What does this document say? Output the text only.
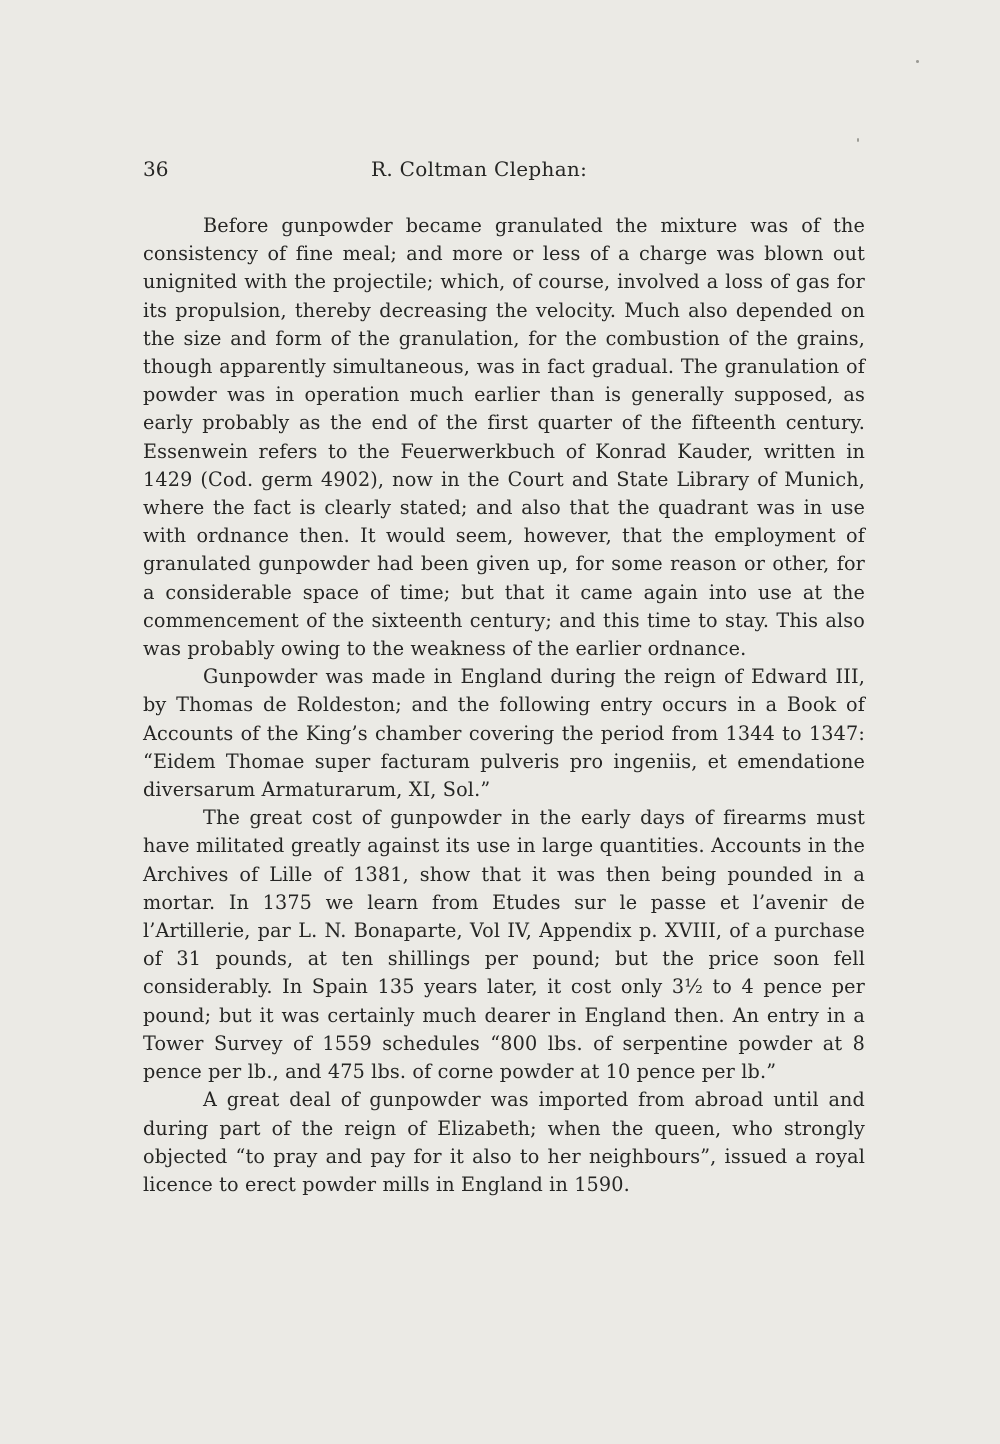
36	R. Coltman Clephan:

Before gunpowder became granulated the mixture was of the consistency of fine meal; and more or less of a charge was blown out unignited with the projectile; which, of course, involved a loss of gas for its propulsion, thereby decreasing the velocity. Much also depended on the size and form of the granulation, for the combustion of the grains, though apparently simultaneous, was in fact gradual. The granulation of powder was in operation much earlier than is generally supposed, as early probably as the end of the first quarter of the fifteenth century. Essenwein refers to the Feuerwerkbuch of Konrad Kauder, written in 1429 (Cod. germ 4902), now in the Court and State Library of Munich, where the fact is clearly stated; and also that the quadrant was in use with ordnance then. It would seem, however, that the employment of granulated gunpowder had been given up, for some reason or other, for a considerable space of time; but that it came again into use at the commencement of the sixteenth century; and this time to stay. This also was probably owing to the weakness of the earlier ordnance.

Gunpowder was made in England during the reign of Edward III, by Thomas de Roldeston; and the following entry occurs in a Book of Accounts of the King’s chamber covering the period from 1344 to 1347: “Eidem Thomae super facturam pulveris pro ingeniis, et emendatione diversarum Armaturarum, XI, Sol.”

The great cost of gunpowder in the early days of firearms must have militated greatly against its use in large quantities. Accounts in the Archives of Lille of 1381, show that it was then being pounded in a mortar. In 1375 we learn from Etudes sur le passe et l’avenir de l’Artillerie, par L. N. Bonaparte, Vol IV, Appendix p. XVIII, of a purchase of 31 pounds, at ten shillings per pound; but the price soon fell considerably. In Spain 135 years later, it cost only 3½ to 4 pence per pound; but it was certainly much dearer in England then. An entry in a Tower Survey of 1559 schedules “800 lbs. of serpentine powder at 8 pence per lb., and 475 lbs. of corne powder at 10 pence per lb.”

A great deal of gunpowder was imported from abroad until and during part of the reign of Elizabeth; when the queen, who strongly objected “to pray and pay for it also to her neighbours”, issued a royal licence to erect powder mills in England in 1590.
